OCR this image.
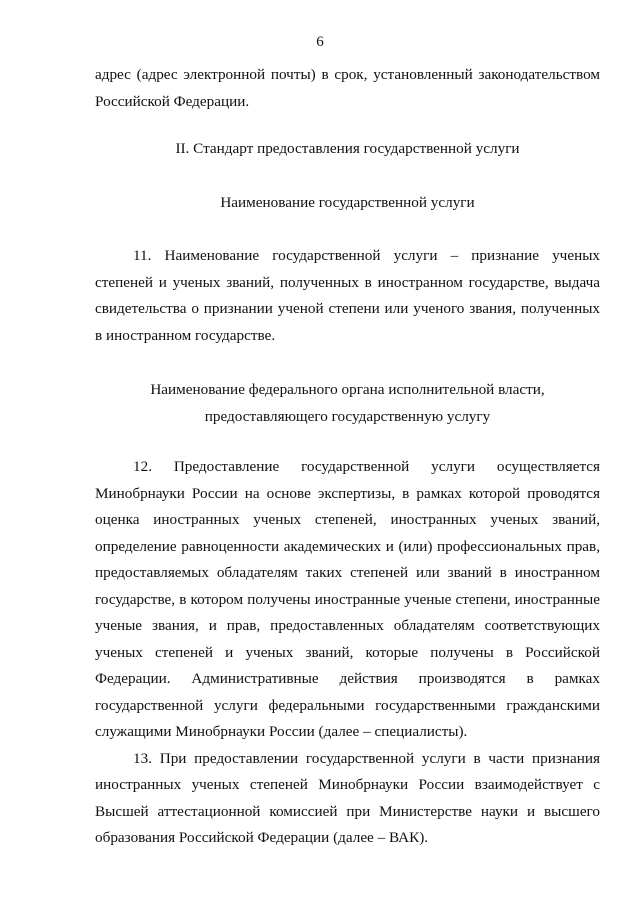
6

адрес (адрес электронной почты) в срок, установленный законодательством Российской Федерации.

II. Стандарт предоставления государственной услуги

Наименование государственной услуги

11. Наименование государственной услуги – признание ученых степеней и ученых званий, полученных в иностранном государстве, выдача свидетельства о признании ученой степени или ученого звания, полученных в иностранном государстве.

Наименование федерального органа исполнительной власти,

предоставляющего государственную услугу

12. Предоставление государственной услуги осуществляется Минобрнауки России на основе экспертизы, в рамках которой проводятся оценка иностранных ученых степеней, иностранных ученых званий, определение равноценности академических и (или) профессиональных прав, предоставляемых обладателям таких степеней или званий в иностранном государстве, в котором получены иностранные ученые степени, иностранные ученые звания, и прав, предоставленных обладателям соответствующих ученых степеней и ученых званий, которые получены в Российской Федерации. Административные действия производятся в рамках государственной услуги федеральными государственными гражданскими служащими Минобрнауки России (далее – специалисты).

13. При предоставлении государственной услуги в части признания иностранных ученых степеней Минобрнауки России взаимодействует с Высшей аттестационной комиссией при Министерстве науки и высшего образования Российской Федерации (далее – ВАК).
